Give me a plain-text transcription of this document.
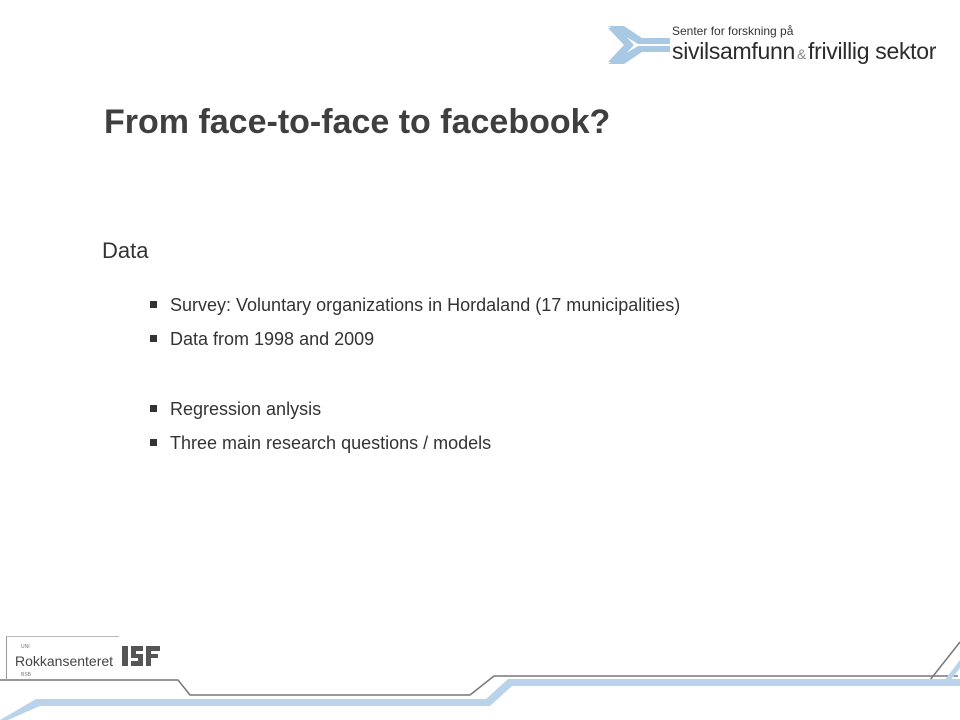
Senter for forskning på
sivilsamfunn &frivillig sektor
From face-to-face to facebook?
Data
Survey: Voluntary organizations in Hordaland (17 municipalities)
Data from 1998 and 2009
Regression anlysis
Three main research questions / models
UNI
Rokkansenteret
BSB
